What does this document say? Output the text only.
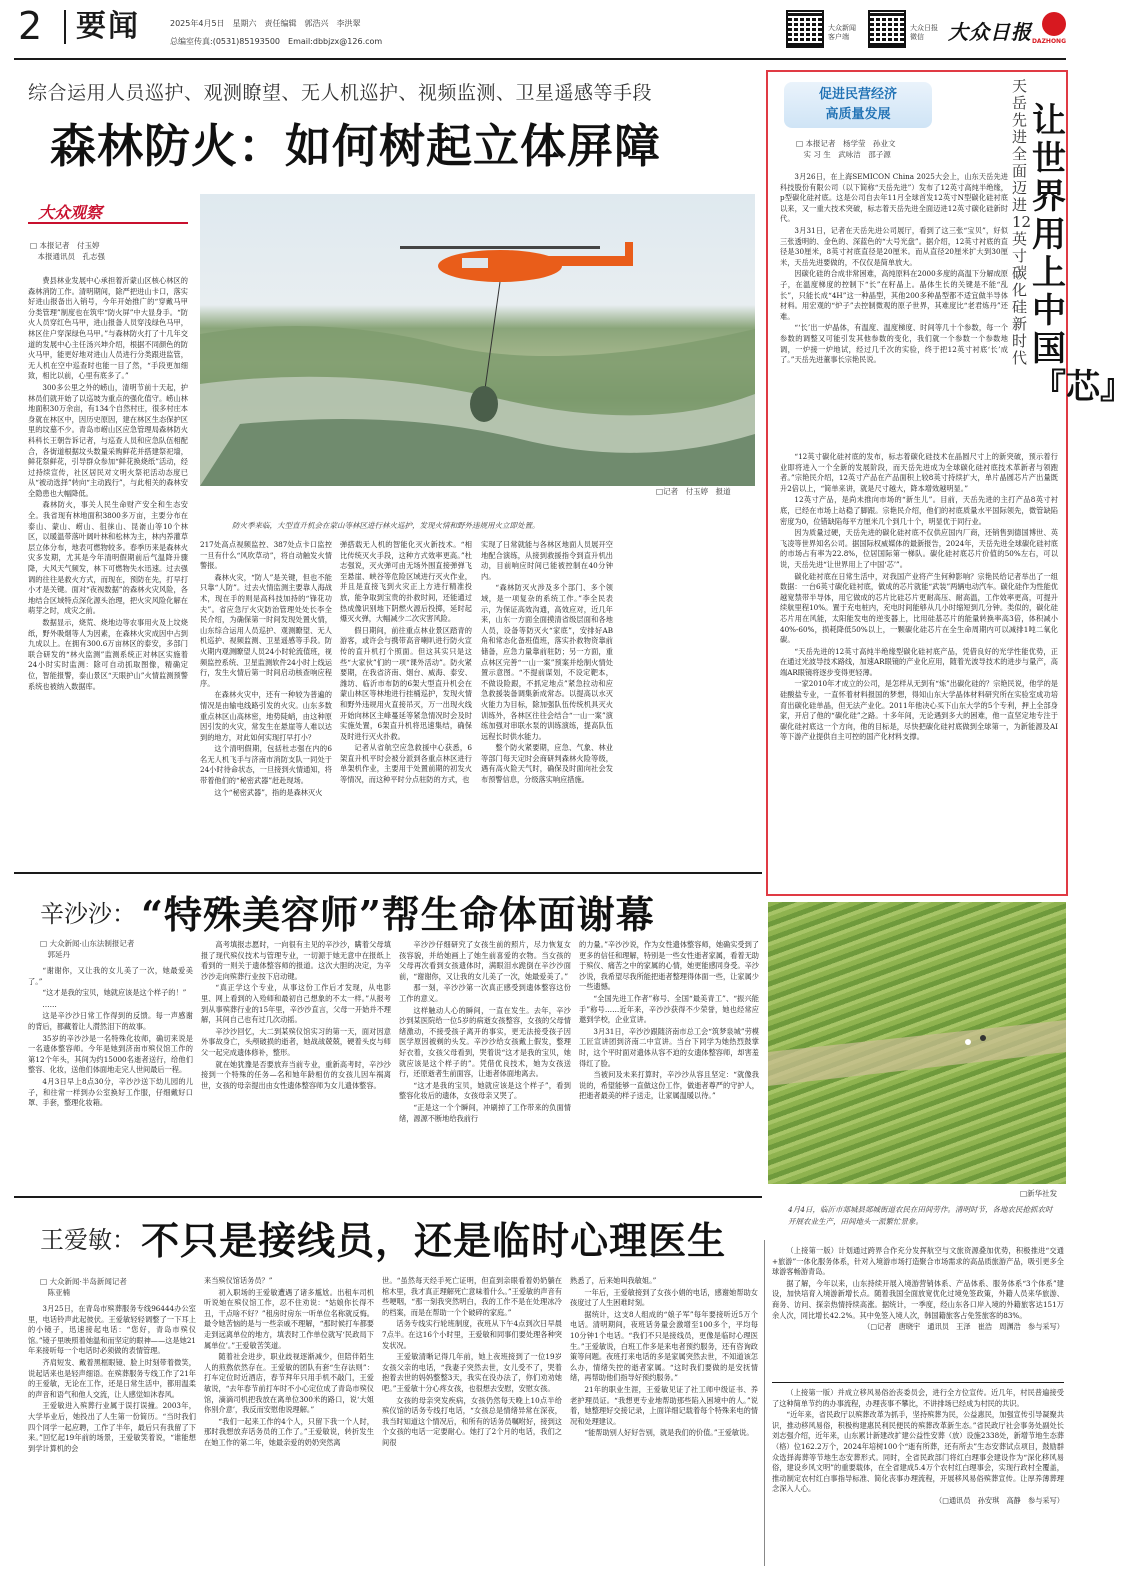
2 要闻	2025年4月5日　星期六　责任编辑　郭浩兴　李洪翠
总编室传真:(0531)85193500　Email:dbbjzx@126.com
大众新闻
客户端
大众日报
微信	大众日报 DAZHONG
综合运用人员巡护、观测瞭望、无人机巡护、视频监测、卫星遥感等手段
森林防火：如何树起立体屏障
大众观察
□ 本报记者　付玉婷
　本报通讯员　孔志强

费县林业发展中心承担着沂蒙山区核心林区的森林消防工作。清明期间，除严把进山卡口，落实好进山报备出入销号，今年开始推广的“穿戴马甲　分类管理”制度也在筑牢“防火屏”中大显身手。“防火人员穿红色马甲，进山报备人员穿浅绿色马甲，林区住户穿深绿色马甲。”与森林防火打了十几年交道的发展中心主任汤兴坤介绍，根据不同颜色的防火马甲，能更好地对进山人员进行分类跟进监管，无人机在空中巡查时也能一目了然，“手段更加细致，相比以前，心里有底多了。”

300多公里之外的崂山，清明节前十天起，护林员们就开始了以巡坡为重点的强化值守。崂山林地面积30万余亩，有134个自然村庄，很多村庄本身就在林区中，因历史原因，建在林区生态保护区里的坟墓不少。青岛市崂山区应急管理局森林防火科科长王朝告诉记者，与巡查人员和应急队伍相配合，各街道根据坟头数量采购鲜花并搭建祭祀墙，鲜花祭鲜花，引导群众参加“鲜花换烧纸”活动，经过持续宣传，社区居民对文明火祭祀活动态度已从“被动选择”转向“主动践行”，与此相关的森林安全隐患也大幅降低。

森林防火，事关人民生命财产安全和生态安全。我省现有林地面积3800多万亩，主要分布在泰山、蒙山、崂山、徂徕山、昆嵛山等10个林区，以暖温带落叶阔叶林和松林为主，林内养灌草层立体分布，地表可燃物较多。春季历来是森林火灾多发期，尤其是今年清明假期前后气温降升骤降，大风天气频发，林下可燃物失水迅速。过去强调的往往是救火方式，而现在，预防在先，打早打小才是关键。面对“夜视数据”的森林火灾风险，各地结合区域特点深化源头治理，把火灾风险化解在萌芽之时，成灾之前。

数据显示，烧荒、烧地边等农事用火及上坟烧纸，野外吸烟等人为因素，在森林火灾成因中占到九成以上。在拥有300.6万亩林区的泰安，多部门联合研发的“林火监测”监测系统正对林区实施着24小时实时监测：除可自动抓取图像，精确定位，智能报警，泰山景区“天眼护山”火情监测预警系统也被纳入数据库。

防火季来临，大型直升机会在蒙山等林区进行林火巡护，发现火情和野外违规用火立即处置。
□记者　付玉婷　报道

217处高点视频监控、387处点卡口监控一旦有什么“风吹草动”，将自动触发火情警报。

森林火灾，“防人”是关键，但也不能只靠“人防”。过去火情监测主要靠人海战术，现在手的则是高科技加持的“锋花功夫”。省应急厅火灾防治管理处处长李全民介绍，为确保第一时间发现处置火情，山东综合运用人员巡护、观测瞭望、无人机巡护、视频监测、卫星遥感等手段。防火期内观测瞭望人员24小时轮流值班，视频监控系统、卫星监测软件24小时上线运行，发生火情后第一时间启动核查响应程序。

在森林火灾中，还有一种较为普遍的情况是由输电线路引发的火灾。山东多数重点林区山高林密，地势陡峭，由这种原因引发的火灾，常发生在悬崖等人难以达到的地方，对此如何实现打早打小？

这个清明假期，包括杜志强在内的6名无人机飞手与济南市消防支队一同处于24小时待命状态，一旦接到火情通知，将带着他们的“秘密武器”赶赴现场。

这个“秘密武器”，指的是森林灭火

弹搭载无人机的智能化灭火新技术。“相比传统灭火手段，这种方式效率更高。”杜志强说，灭火弹可由无场外围直接弹弹飞至悬崖、峡谷等危险区域进行灭火作业，并且是直接飞到火灾正上方进行精准投放，能争取到宝贵的扑救时间，还能通过热成像识别地下阴燃火源后投掷，延时起爆灭火弹，大幅减少二次灾害风险。

假日期间，前往重点林业景区踏青的游客，或许会与携带高音喇叭进行防火宣传的直升机打个照面。但这其实只是这些“大家伙”们的一项“课外活动”。防火紧要期，在我省济南、烟台、威海、泰安、潍坊、临沂市布防的6架大型直升机会在蒙山林区等林地进行挂桶巡护，发现火情和野外违规用火直接吊灭，万一出现火线开始向林区主峰蔓延等紧急情况时会及时实施处置，6架直升机将迅速集结，确保及时进行灭火扑救。

记者从省航空应急救援中心获悉，6架直升机平时会被分派到各重点林区进行单架机作业，主要用于处置前期的初发火等情况，而这种平时分点驻防的方式，也

实现了日常就能与各林区地面人员展开空地配合演练，从接到救援指令到直升机出动，目前响应时间已能被控制在40分钟内。

“森林防灭火涉及多个部门、多个领域，是一项复杂的系统工作。”李全民表示，为保证高效沟通，高效应对，近几年来，山东一方面全面摸清省级层面和各地人员，设备等防灭火“家底”，安排好AB角和常态化备班值班，落实扑救物资靠前储备，应急力量靠前驻防；另一方面，重点林区完善“一山一案”预案并绘制火情处置示意图。“不提前谋划，不设定靶本，不做设险跟，不抓定地点”紧急拉动和应急救援装备调集新成常态。以提高以水灭火能力为目标，除加强队伍传统机具灭火训练外，各林区往往会结合“一山一案”演练加强对串联水泵的训练演练，提高队伍远程长时供水能力。

整个防火紧要期，应急、气象、林业等部门每天定时会商研判森林火险等级，遇有高火险天气时，确保及时面向社会发布预警信息，分级落实响应措施。

促进民营经济
高质量发展
天岳先进全面迈进12英寸碳化硅新时代
让世界用上中国『芯』
□ 本报记者　杨学莹　孙业文
　实 习 生　武咏洁　邵子源

3月26日，在上海SEMICON China 2025大会上，山东天岳先进科技股份有限公司（以下简称“天岳先进”）发布了12英寸高纯半绝缘，p型碳化硅衬底。这是公司自去年11月全球首发12英寸N型碳化硅衬底以来，又一重大技术突破，标志着天岳先进全面迈进12英寸碳化硅新时代。

3月31日，记者在天岳先进公司展厅，看到了这三张“宝贝”，好似三张透明的、金色的、深蓝色的“大号光盘”。据介绍，12英寸衬底的直径是30厘米，8英寸衬底直径是20厘米。而从直径20厘米扩大到30厘米，天岳先进要做的，不仅仅是简单放大。

因碳化硅的合成非常困难，高纯原料在2000多度的高温下分解成原子，在温度梯度的控制下“长”在籽晶上。晶体生长的关键是不能“乱长”，只能长成“4H”这一种晶型，其他200多种晶型都不适宜做半导体材料。用宏观的“炉子”去控制微观的原子世界，其难度比“老君炼丹”还难。

“‘长’出一炉晶体，有温度、温度梯度、时间等几十个参数，每一个参数的调整又可能引发其他参数的变化，我们就一个参数一个参数地调，一炉接一炉地试，经过几千次的实验，终于把12英寸衬底‘长’成了。”天岳先进董事长宗艳民说。

“12英寸碳化硅衬底的发布，标志着碳化硅技术在晶圆尺寸上的新突破，预示着行业即将进入一个全新的发展阶段，而天岳先进成为全球碳化硅衬底技术革新者与领跑者。”宗艳民介绍，12英寸产品在产品面积上较8英寸持续扩大，单片晶圆芯片产出量既升2倍以上，“简单来讲，就是尺寸越大，降本增效越明显。”

12英寸产品，是尚未推向市场的“新生儿”。目前，天岳先进的主打产品8英寸衬底，已经在市场上站稳了脚跟。宗艳民介绍，他们的衬底质量水平国际领先，微管缺陷密度为0，位错缺陷每平方厘米几个到几十个，明显优于同行业。

因为质量过硬，天岳先进的碳化硅衬底不仅供应国内厂商，还销售到德国博世、英飞凌等世界知名公司。据国际权威媒体的最新报告，2024年，天岳先进全球碳化硅衬底的市场占有率为22.8%，位居国际第一梯队。碳化硅衬底芯片价值的50%左右，可以说，天岳先进“让世界用上了中国‘芯’”。

碳化硅衬底在日常生活中，对我国产业将产生何种影响？宗艳民给记者举出了一组数据：一台6英寸碳化硅衬底，做成的芯片就能“武装”两辆电动汽车。碳化硅作为性能优越宽禁带半导体，用它做成的芯片比硅芯片更耐高压、耐高温，工作效率更高，可提升续航里程10%。置于充电桩内，充电时间能够从几小时缩短到几分钟。类似的，碳化硅芯片用在风能，太阳能发电的逆变器上，比用硅基芯片的能量转换率高3倍，体积减小40%-60%，损耗降低50%以上，一颗碳化硅芯片在全生命周期内可以减排1吨二氧化碳。

“天岳先进的12英寸高纯半绝缘型碳化硅衬底产品，凭借良好的光学性能优势，正在通过光波导技术路线，加速AR眼镜的产业化应用，随着光波导技术的进步与量产，高端AR眼镜将逐步变得更轻薄。

一家2010年才成立的公司，是怎样从无到有“炼”出碳化硅的？宗艳民说，他学的是硅酸盐专业，一直怀着材料报国的梦想，得知山东大学晶体材料研究所在实验室成功培育出碳化硅单晶，但无法产业化。2011年他决心买下山东大学的5个专利，押上全部身家，开启了他的“碳化硅”之路。十多年间，无论遇到多大的困难，他一直坚定地专注于碳化硅衬底这一个方向，他的目标是，尽快把碳化硅衬底做到全球第一，为新能源及AI等下游产业提供自主可控的国产化材料支撑。

辛沙沙： “特殊美容师”帮生命体面谢幕
□ 大众新闻·山东法制报记者
　郭延丹

“谢谢你，又让我的女儿美了一次，她最爱美了。”

“这才是我的宝贝，她就应该是这个样子的！”

……

这是辛沙沙日常工作得到的反馈。每一声感谢的背后，都藏着让人潸然泪下的故事。

35岁的辛沙沙是一名特殊化妆师，确切来说是一名遗体整容师。今年是她到济南市殡仪馆工作的第12个年头，其间为约15000名逝者送行，给他们整容、化妆，送他们体面地走完人世间最后一程。

4月3日早上8点30分，辛沙沙送下幼儿园的儿子，和往常一样到办公室换好工作服，仔细戴好口罩、手套，整理化妆箱。

高考填报志愿时，一向很有主见的辛沙沙，瞒着父母填报了现代殡仪技术与管理专业，一切源于她无意中在报纸上看到的一则关于遗体整容师的报道。这次大胆的决定，为辛沙沙走向殡葬行业按下启动键。

“真正学这个专业，从事这份工作后才发现，从电影里、网上看到的入殓师和最初自己想象的不太一样。”从报考到从事殡葬行业的15年里，辛沙沙直言，父母一开始并不理解，其间自己也有过几次动摇。

辛沙沙回忆，大二到某殡仪馆实习的第一天，面对因意外事故身亡，头颅破损的逝者，她战战兢兢，硬着头皮与师父一起完成遗体修补，整形。

就在她犹豫是否要放弃当前专业，重新高考时，辛沙沙接到一个特殊的任务—名和她年龄相仿的女孩儿因车祸离世，女孩的母亲提出由女性遗体整容师为女儿遗体整容。

辛沙沙仔细研究了女孩生前的照片，尽力恢复女孩容貌，并给她画上了她生前喜爱的衣物。当女孩的父母再次看到女孩遗体时，满眼泪水跪倒在辛沙沙面前，“谢谢你，又让我的女儿美了一次，她最爱美了。”

那一刻，辛沙沙第一次真正感受到遗体整容这份工作的意义。

这样触动人心的瞬间，一直在发生。去年，辛沙沙到某医院给一位5岁的病逝女孩整容，女孩的父母情绪激动，不接受孩子离开的事实，更无法接受孩子因医学原因被剃的头发。辛沙沙给女孩戴上假发，整理好衣着，女孩父母看到，哭着说“这才是我的宝贝，她就应该是这个样子的”。凭借优良技术，她为女孩送行，还原逝者生前面容，让逝者体面地离去。

“这才是我的宝贝，她就应该是这个样子”，看到整容化妆后的遗体，女孩母亲又哭了。

“正是这一个个瞬间，冲刷掉了工作带来的负面情绪，源源不断地给我前行

的力量。”辛沙沙说，作为女性遗体整容师，她确实受到了更多的信任和理解，特别是一些女性逝者家属，看着无助于殡仪、痛苦之中的家属的心情，她更能感同身受。辛沙沙说，我希望尽我所能把逝者整理得体面一些，让家属少一些遗憾。

“全国先进工作者”称号、全国“最美青工”、“振兴能手”称号……近年来，辛沙沙获得不少荣誉，她也经常应邀到学校，企业宣讲。

3月31日，辛沙沙跟随济南市总工会“筑梦泉城”劳模工匠宣讲团到济南二中宣讲。当台下同学为她热烈鼓掌时，这个平时面对遗体从容不迫的女遗体整容师，却害羞得红了脸。

当被问及未来打算时，辛沙沙从容且坚定：“就像我说的，希望能够一直做这份工作，做逝者尊严的守护人，把逝者最美的样子送走，让家属温暖以待。”

□新华社发
4月4日，临沂市郯城县郯城街道农民在田间劳作。清明时节，各地农民抢抓农时开展农业生产，田间地头一派繁忙景象。
王爱敏： 不只是接线员，还是临时心理医生
□ 大众新闻·半岛新闻记者
　陈亚楠

3月25日，在青岛市殡葬服务专线96444办公室里，电话铃声此起彼伏。王爱敏轻轻调整了一下耳上的小镜子，迅速接起电话：“您好，青岛市殡仪馆。”镜子里映照着她温和而坚定的眼神——这是她21年来接听每一个电话时必须做的表情管理。

齐肩短发、戴着黑框眼镜、脸上时刻带着微笑，说起话来也是轻声细语。在殡葬服务专线工作了21年的王爱敏，无论在工作，还是日常生活中，都用温柔的声音和语气和他人交流，让人感觉如沐春风。

王爱敏进入殡葬行业属于误打误撞。2003年，大学毕业后，她投出了人生第一份简历。“当时我们四个同学一起应聘，工作了半年，最后只有我留了下来。”回忆起19年前的场景，王爱敏笑着说，“谁能想到学计算机的会

来当殡仪馆话务员？”

初入职场的王爱敏遭遇了诸多尴尬。出租车司机听说她在殡仪馆工作，忍不住劝说：“姑娘你长得不丑，干点啥不好？”租房时房东一听单位名称就反悔。最令她苦恼的是与一些亲戚不理解，“那时候打车都要走到远离单位的地方，填表时工作单位就写‘民政局下属单位’。”王爱敏苦笑道。

随着社会进步，职业歧视逐渐减少，但陪伴陌生人的煎熬依然存在。王爱敏的团队有套“生存法则”：打车定位时近酒店，春节拜年只用手机不敲门，王爱敏说，“去年春节前打车时不小心定位成了青岛市殡仪馆，滴滴司机把我放在离单位300米的路口，说‘大姐你别介意’，我反而安慰他说理解。”

“我们一起来工作的4个人，只留下我一个人时，那时我想放弃话务员的工作了。”王爱敏说，转折发生在她工作的第二年，她最亲爱的奶奶突然离

世。“虽然每天经手死亡证明，但直到亲眼看着奶奶躺在棺木里，我才真正理解死亡意味着什么。”王爱敏的声音有些哽咽，“那一刻我突然明白，我的工作不是在处理冰冷的档案，而是在帮助一个个破碎的家庭。”

话务专线实行轮班制度，夜班从下午4点到次日早晨7点半。在这16个小时里，王爱敏和同事们要处理各种突发状况。

王爱敏清晰记得几年前，她上夜班接到了一位19岁女孩父亲的电话，“我妻子突然去世，女儿受不了，哭着抱着去世的妈妈整整3天，我实在没办法了，你们劝劝她吧。”王爱敏十分心疼女孩，也很想去安慰，安慰女孩。

女孩的母亲突发疾病，女孩仍然每天晚上10点半给殡仪馆的话务专线打电话，“女孩总是情绪异常在深夜，我当时知道这个情况后，和所有的话务员嘱咐好，接到这个女孩的电话一定要耐心。她打了2个月的电话，我们之间很

熟悉了，后来她叫我敏姐。”

一年后，王爱敏接到了女孩小娟的电话，感谢她帮助女孩度过了人生困难时刻。

据统计，这支8人组成的“娘子军”每年要接听近5万个电话。清明期间，夜班话务量会激增至100多个，平均每10分钟1个电话。“我们不只是接线员，更像是临时心理医生。”王爱敏说，白班工作多是来电者预约服务，还有咨询政策等问题。夜班打来电话的多是家属突然去世，不知道该怎么办，情绪失控的逝者家属。“这时我们要做的是安抚情绪，再帮助他们指导好预约服务。”

21年的职业生涯，王爱敏见证了社工师中级证书、养老护理员证。“我想更专业地帮助那些陷入困境中的人。”说着，她整理好交接记录，上面详细记载着每个特殊来电的情况和处理建议。

“能帮助别人好好告别，就是我们的价值。”王爱敏说。

（上接第一版）计划通过跨界合作充分发挥航空与文旅资源叠加优势，积极推进“交通+旅游”一体化服务体系，针对入境游市场打造聚合市场需求的高品质旅游产品，吸引更多全球游客畅游青岛。

据了解，今年以来，山东持续开展入境游营销体系、产品体系、服务体系“3个体系”建设，加快培育入境游新增长点。随着我国全面放宽优化过境免签政策，外籍人员来华旅游、商务、访问、探亲热情持续高涨。据统计，一季度，经山东各口岸入境的外籍旅客达151万余人次，同比增长42.2%。其中免签入境人次，韩国籍旅客占免签旅客的83%。

（□记者　唐晓宇　通讯员　王泽　崔浩　周渊浩　参与采写）

（上接第一版）并成立移风易俗治丧委员会，进行全方位宣传。近几年，村民普遍接受了这种简单节约的办事流程，办理丧事不攀比，不讲排场已经成为村民的共识。

“近年来，省民政厅以殡葬改革为抓手，坚持殡葬为民，公益惠民，加强宣传引导凝聚共识，推动移风易俗，积极构建惠民利民便民的殡葬改革新生态。”省民政厅社会事务处副处长刘志强介绍，近年来，山东累计新建改扩建公益性安葬（放）设施2338处，新增节地生态葬（格）位162.2万个，2024年培树100个“逝有所葬，还有所去”生态安葬试点项目，鼓励群众选择海葬等节地生态安葬形式。同时，全省民政部门将红白理事会建设作为“深化移风易俗，建设乡风文明”的重要载体，在全省建成5.4万个农村红白理事会，实现行政村全覆盖，推动制定农村红白事指导标准、简化丧事办理流程，开展移风易俗殡葬宣传。让厚养薄葬理念深入人心。

（□通讯员　孙安琪　高静　参与采写）
